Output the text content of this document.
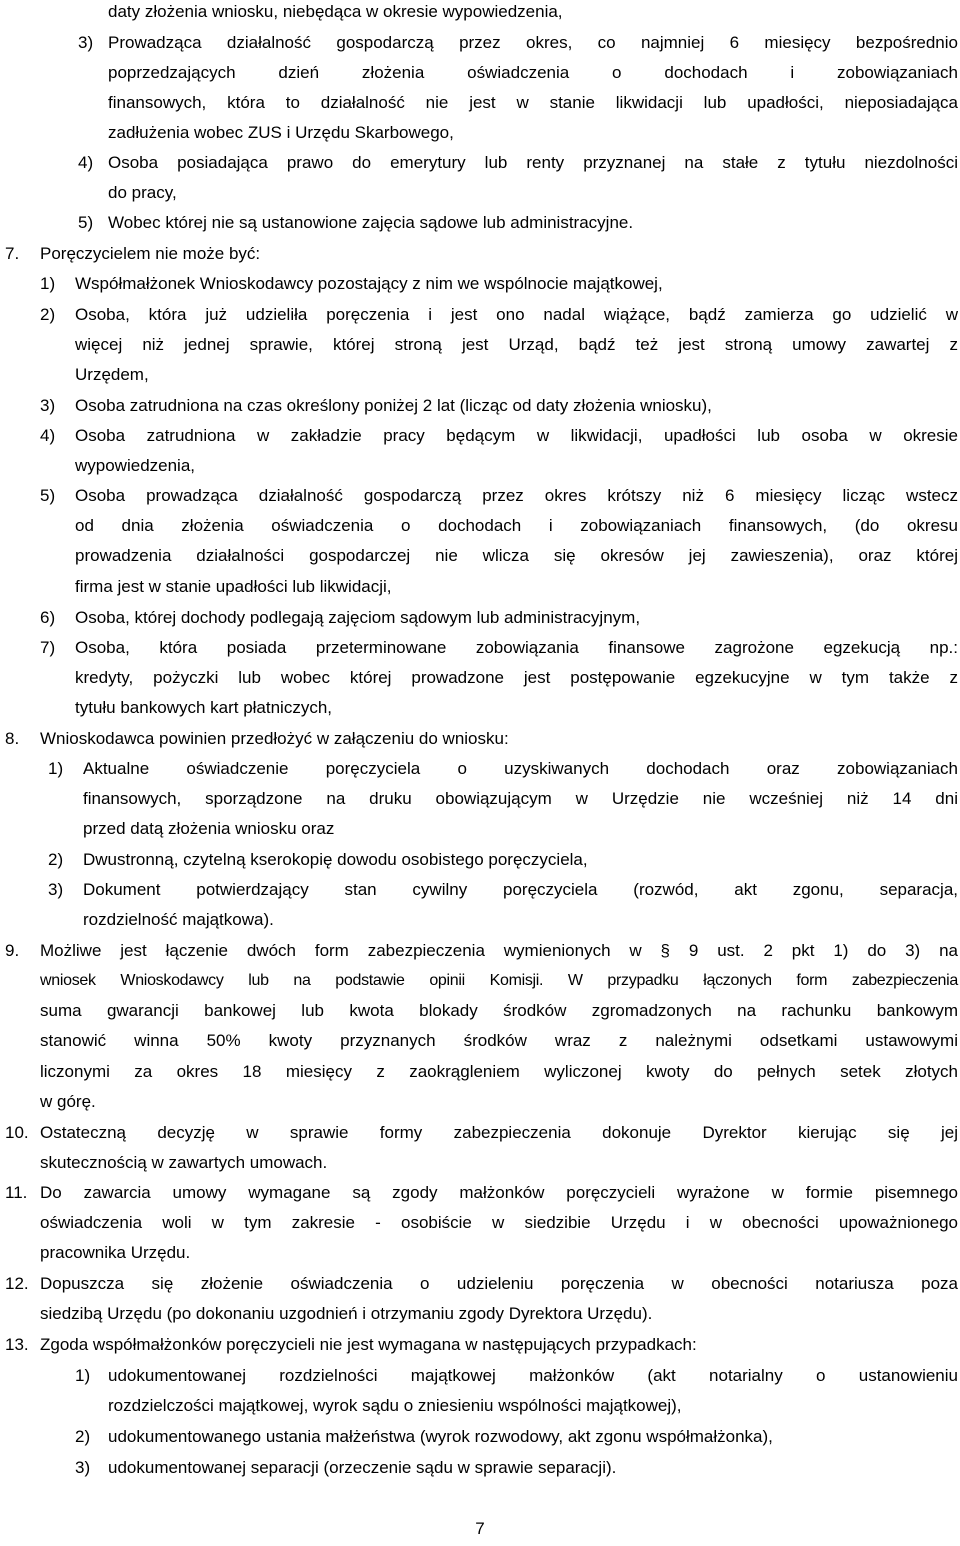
daty złożenia wniosku, niebędąca w okresie wypowiedzenia,
3) Prowadząca działalność gospodarczą przez okres, co najmniej 6 miesięcy bezpośrednio
poprzedzających dzień złożenia oświadczenia o dochodach i zobowiązaniach
finansowych, która to działalność nie jest w stanie likwidacji lub upadłości, nieposiadająca
zadłużenia wobec ZUS i Urzędu Skarbowego,
4) Osoba posiadająca prawo do emerytury lub renty przyznanej na stałe z tytułu niezdolności
do pracy,
5) Wobec której nie są ustanowione zajęcia sądowe lub administracyjne.
7. Poręczycielem nie może być:
1) Współmałżonek Wnioskodawcy pozostający z nim we wspólnocie majątkowej,
2) Osoba, która już udzieliła poręczenia i jest ono nadal wiążące, bądź zamierza go udzielić w
więcej niż jednej sprawie, której stroną jest Urząd, bądź też jest stroną umowy zawartej z
Urzędem,
3) Osoba zatrudniona na czas określony poniżej 2 lat (licząc od daty złożenia wniosku),
4) Osoba zatrudniona w zakładzie pracy będącym w likwidacji, upadłości lub osoba w okresie
wypowiedzenia,
5) Osoba prowadząca działalność gospodarczą przez okres krótszy niż 6 miesięcy licząc wstecz
od dnia złożenia oświadczenia o dochodach i zobowiązaniach finansowych, (do okresu
prowadzenia działalności gospodarczej nie wlicza się okresów jej zawieszenia), oraz której
firma jest w stanie upadłości lub likwidacji,
6) Osoba, której dochody podlegają zajęciom sądowym lub administracyjnym,
7) Osoba, która posiada przeterminowane zobowiązania finansowe zagrożone egzekucją np.:
kredyty, pożyczki lub wobec której prowadzone jest postępowanie egzekucyjne w tym także z
tytułu bankowych kart płatniczych,
8. Wnioskodawca powinien przedłożyć w załączeniu do wniosku:
1) Aktualne oświadczenie poręczyciela o uzyskiwanych dochodach oraz zobowiązaniach
finansowych, sporządzone na druku obowiązującym w Urzędzie nie wcześniej niż 14 dni
przed datą złożenia wniosku oraz
2) Dwustronną, czytelną kserokopię dowodu osobistego poręczyciela,
3) Dokument potwierdzający stan cywilny poręczyciela (rozwód, akt zgonu, separacja,
rozdzielność majątkowa).
9. Możliwe jest łączenie dwóch form zabezpieczenia wymienionych w § 9 ust. 2 pkt 1) do 3) na
wniosek Wnioskodawcy lub na podstawie opinii Komisji. W przypadku łączonych form zabezpieczenia
suma gwarancji bankowej lub kwota blokady środków zgromadzonych na rachunku bankowym
stanowić winna 50% kwoty przyznanych środków wraz z należnymi odsetkami ustawowymi
liczonymi za okres 18 miesięcy z zaokrągleniem wyliczonej kwoty do pełnych setek złotych
w górę.
10. Ostateczną decyzję w sprawie formy zabezpieczenia dokonuje Dyrektor kierując się jej
skutecznością w zawartych umowach.
11. Do zawarcia umowy wymagane są zgody małżonków poręczycieli wyrażone w formie pisemnego
oświadczenia woli w tym zakresie - osobiście w siedzibie Urzędu i w obecności upoważnionego
pracownika Urzędu.
12. Dopuszcza się złożenie oświadczenia o udzieleniu poręczenia w obecności notariusza poza
siedzibą Urzędu (po dokonaniu uzgodnień i otrzymaniu zgody Dyrektora Urzędu).
13. Zgoda współmałżonków poręczycieli nie jest wymagana w następujących przypadkach:
1) udokumentowanej rozdzielności majątkowej małżonków (akt notarialny o ustanowieniu
rozdzielczości majątkowej, wyrok sądu o zniesieniu wspólności majątkowej),
2) udokumentowanego ustania małżeństwa (wyrok rozwodowy, akt zgonu współmałżonka),
3) udokumentowanej separacji (orzeczenie sądu w sprawie separacji).
7
